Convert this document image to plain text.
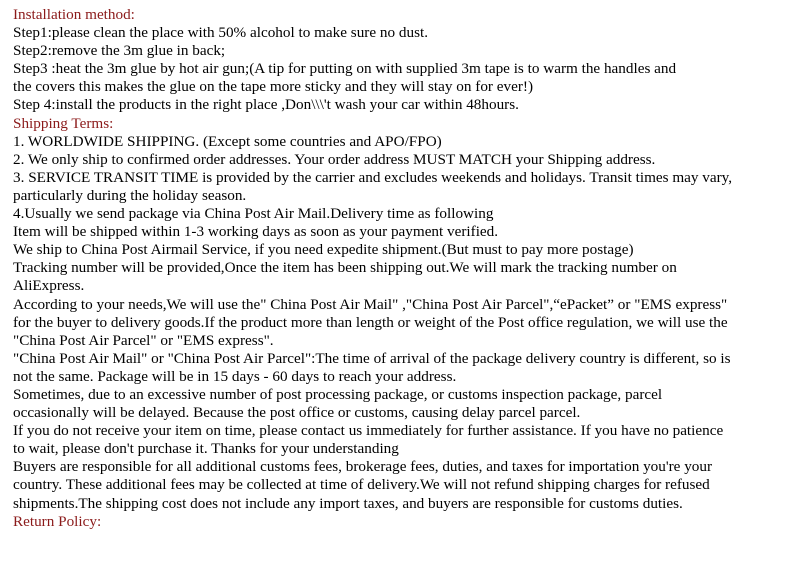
Installation method:
Step1:please clean the place with 50% alcohol to make sure no dust.
Step2:remove the 3m glue in back;
Step3 :heat the 3m glue by hot air gun;(A tip for putting on with supplied 3m tape is to warm the handles and
the covers this makes the glue on the tape more sticky and they will stay on for ever!)
Step 4:install the products in the right place ,Don\\\'t wash your car within 48hours.
Shipping Terms:
1. WORLDWIDE SHIPPING. (Except some countries and APO/FPO)
2. We only ship to confirmed order addresses. Your order address MUST MATCH your Shipping address.
3. SERVICE TRANSIT TIME is provided by the carrier and excludes weekends and holidays. Transit times may vary,
particularly during the holiday season.
4.Usually we send package via China Post Air Mail.Delivery time as following
Item will be shipped within 1-3 working days as soon as your payment verified.
We ship to China Post Airmail Service, if you need expedite shipment.(But must to pay more postage)
Tracking number will be provided,Once the item has been shipping out.We will mark the tracking number on
AliExpress.
According to your needs,We will use the" China Post Air Mail" ,"China Post Air Parcel",“ePacket” or "EMS express"
for the buyer to delivery goods.If the product more than length or weight of the Post office regulation, we will use the
"China Post Air Parcel" or "EMS express".
"China Post Air Mail" or "China Post Air Parcel":The time of arrival of the package delivery country is different, so is
not the same. Package will be in 15 days - 60 days to reach your address.
Sometimes, due to an excessive number of post processing package, or customs inspection package, parcel
occasionally will be delayed. Because the post office or customs, causing delay parcel parcel.
If you do not receive your item on time, please contact us immediately for further assistance. If you have no patience
to wait, please don't purchase it. Thanks for your understanding
Buyers are responsible for all additional customs fees, brokerage fees, duties, and taxes for importation you're your
country. These additional fees may be collected at time of delivery.We will not refund shipping charges for refused
shipments.The shipping cost does not include any import taxes, and buyers are responsible for customs duties.
Return Policy:
